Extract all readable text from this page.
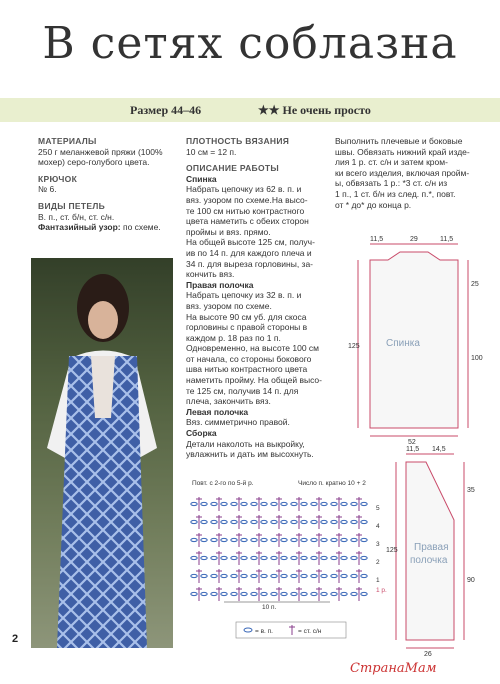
В сетях соблазна
Размер 44–46	★★ Не очень просто
МАТЕРИАЛЫ
250 г меланжевой пряжи (100%
мохер) серо-голубого цвета.
КРЮЧОК
№ 6.
ВИДЫ ПЕТЕЛЬ
В. п., ст. б/н, ст. с/н.
Фантазийный узор: по схеме.
ПЛОТНОСТЬ ВЯЗАНИЯ
10 см = 12 п.
ОПИСАНИЕ РАБОТЫ
Спинка
Набрать цепочку из 62 в. п. и
вяз. узором по схеме.На высо-
те 100 см нитью контрастного
цвета наметить с обеих сторон
проймы и вяз. прямо.
На общей высоте 125 см, получ-
ив по 14 п. для каждого плеча и
34 п. для выреза горловины, за-
кончить вяз.
Правая полочка
Набрать цепочку из 32 в. п. и
вяз. узором по схеме.
На высоте 90 см уб. для скоса
горловины с правой стороны в
каждом р. 18 раз по 1 п.
Одновременно, на высоте 100 см
от начала, со стороны бокового
шва нитью контрастного цвета
наметить пройму. На общей высо-
те 125 см, получив 14 п. для
плеча, закончить вяз.
Левая полочка
Вяз. симметрично правой.
Сборка
Детали наколоть на выкройку,
увлажнить и дать им высохнуть.
Выполнить плечевые и боковые
швы. Обвязать нижний край изде-
лия 1 р. ст. с/н и затем кром-
ки всего изделия, включая пройм-
ы, обвязать 1 р.: *3 ст. с/н из
1 п., 1 ст. б/н из след. п.*, повт.
от * до* до конца р.
11,5	29	11,5
25
100
125
52
11,5 14,5
35
90
125
26
Спинка
Правая
полочка
Повт. с 2-го по 5-й р.	Число п. кратно 10 + 2
5
4
3
2
1
1 р.
10 п.
= в. п.	= ст. с/н
2
СтранаМам
